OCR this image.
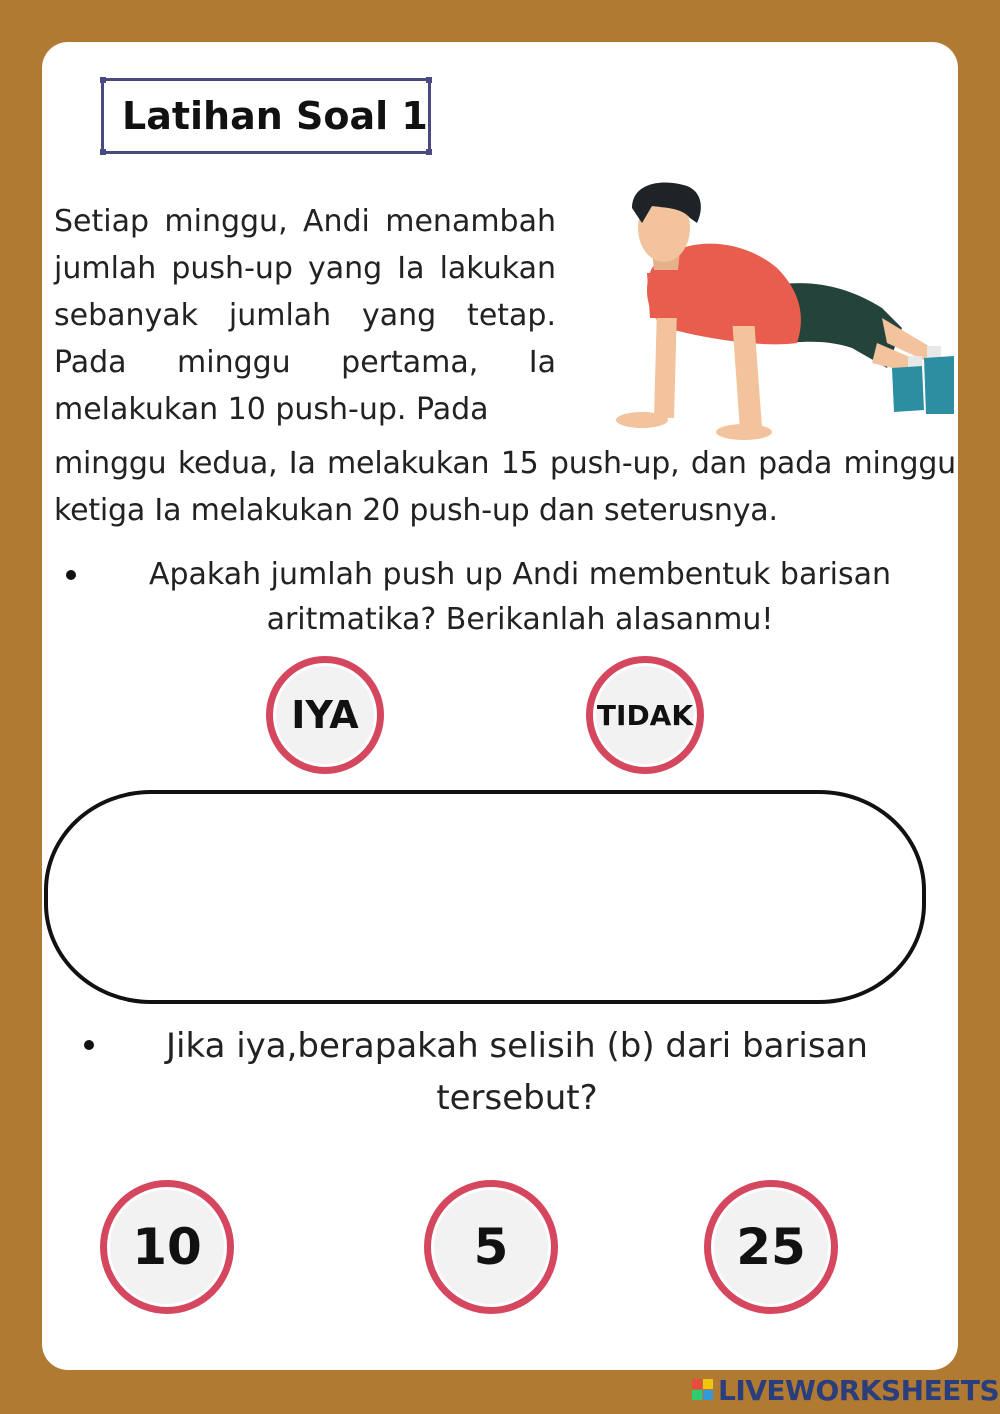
Latihan Soal 1
Setiap minggu, Andi menambah jumlah push-up yang Ia lakukan sebanyak jumlah yang tetap. Pada minggu pertama, Ia melakukan 10 push-up. Pada
minggu kedua, Ia melakukan 15 push-up, dan pada minggu ketiga Ia melakukan 20 push-up dan seterusnya.
Apakah jumlah push up Andi membentuk barisan aritmatika? Berikanlah alasanmu!
IYA	TIDAK
Jika iya,berapakah selisih (b) dari barisan tersebut?
10	5	25
LIVEWORKSHEETS
